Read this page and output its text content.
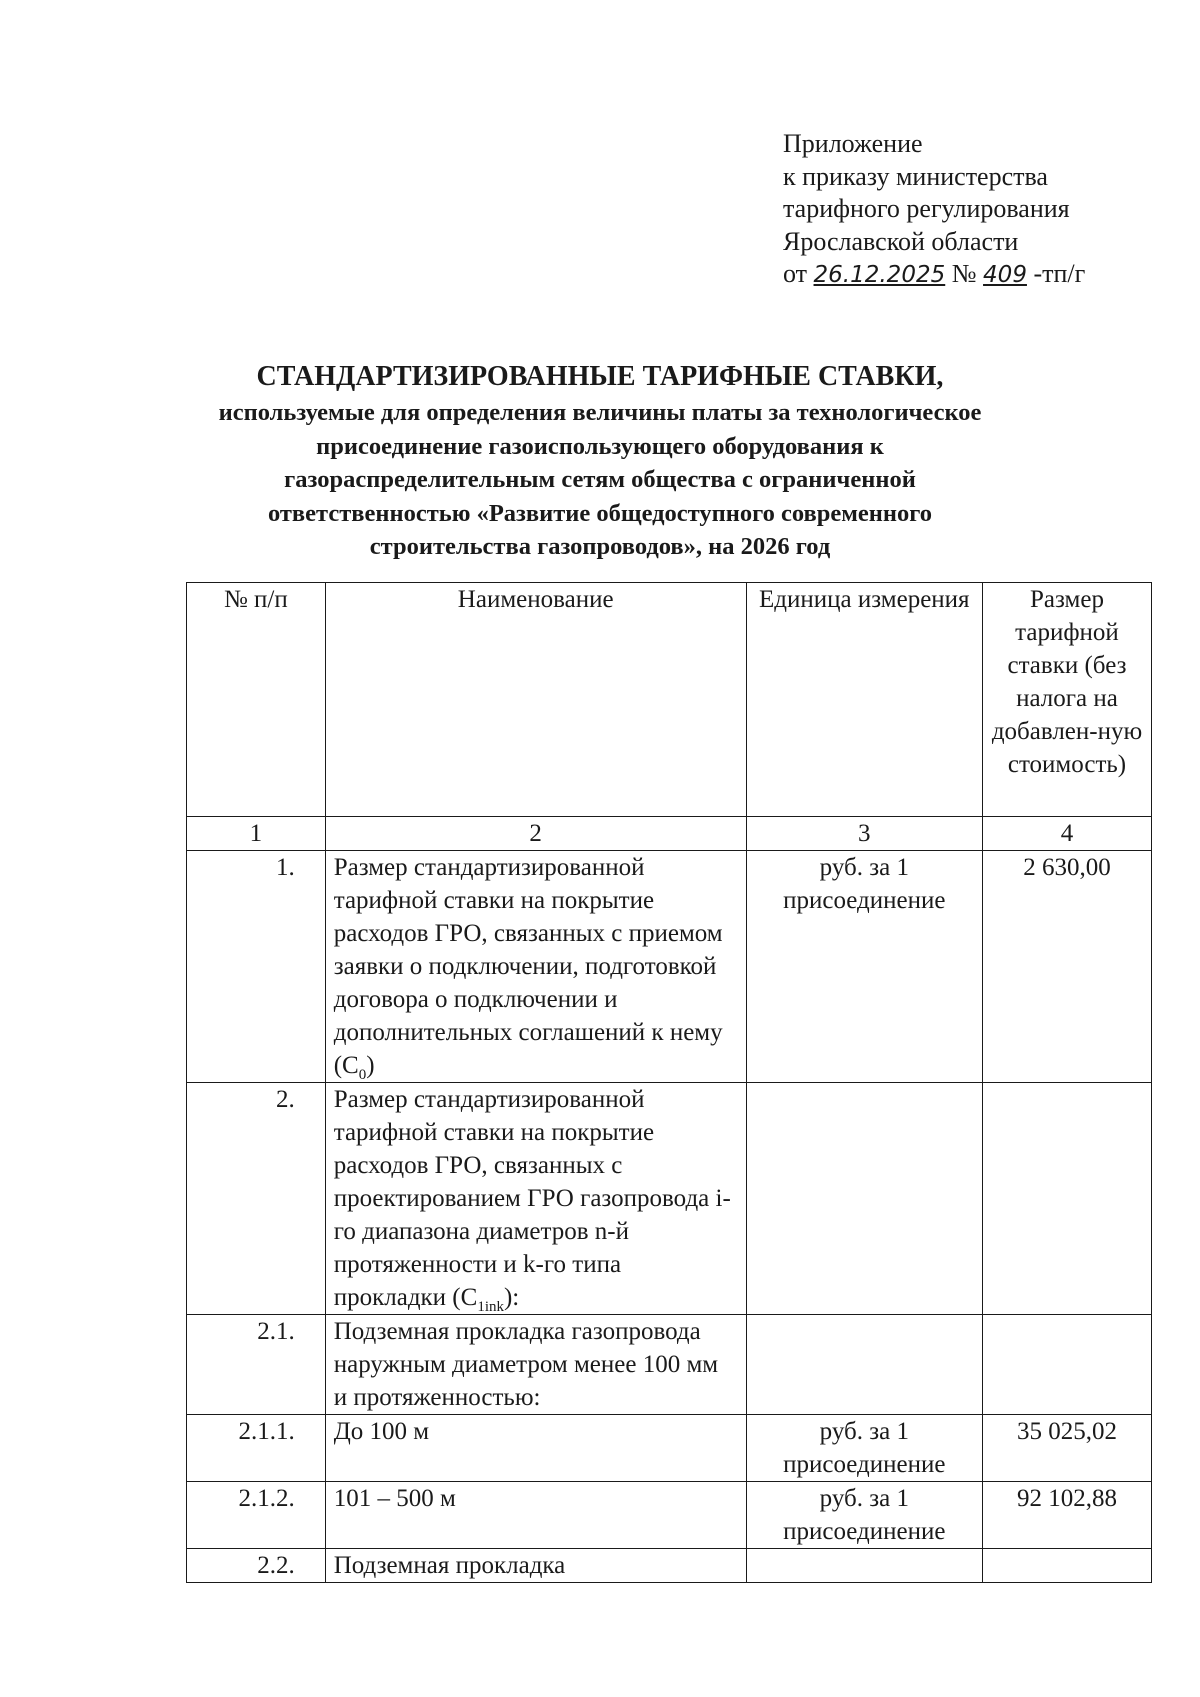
Приложение
к приказу министерства
тарифного регулирования
Ярославской области
от 26.12.2025 № 409 -тп/г
СТАНДАРТИЗИРОВАННЫЕ ТАРИФНЫЕ СТАВКИ,
используемые для определения величины платы за технологическое
присоединение газоиспользующего оборудования к
газораспределительным сетям общества с ограниченной
ответственностью «Развитие общедоступного современного
строительства газопроводов», на 2026 год
№ п/п	Наименование	Единица измерения	Размер тарифной ставки (без налога на добавлен-ную стоимость)
1	2	3	4
1.	Размер стандартизированной тарифной ставки на покрытие расходов ГРО, связанных с приемом заявки о подключении, подготовкой договора о подключении и дополнительных соглашений к нему $(С_0)$	руб. за 1 присоединение	2 630,00
2.	Размер стандартизированной тарифной ставки на покрытие расходов ГРО, связанных с проектированием ГРО газопровода i-го диапазона диаметров n-й протяженности и k-го типа прокладки $(С_{1ink})$:		
2.1.	Подземная прокладка газопровода наружным диаметром менее 100 мм и протяженностью:		
2.1.1.	До 100 м	руб. за 1 присоединение	35 025,02
2.1.2.	101 – 500 м	руб. за 1 присоединение	92 102,88
2.2.	Подземная прокладка		
